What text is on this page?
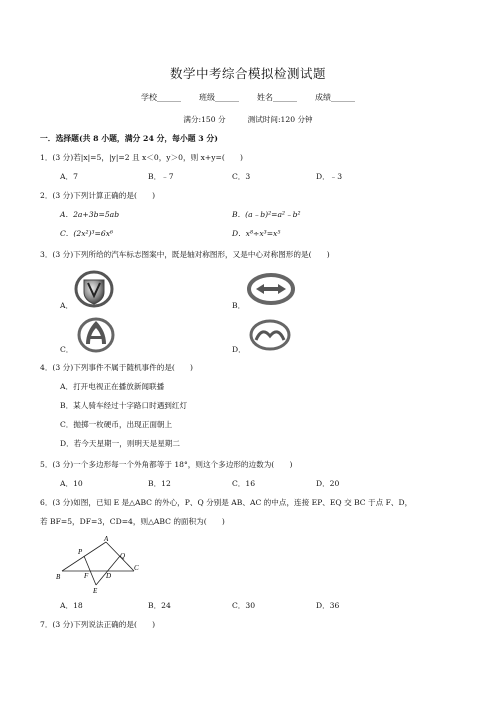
数学中考综合模拟检测试题
学校______ 班级______ 姓名______ 成绩______
满分:150 分	测试时间:120 分钟
一．选择题(共 8 小题，满分 24 分，每小题 3 分)
1．(3 分)若|x|=5，|y|=2 且 x＜0，y＞0，则 x+y=(　　)
A．7	B．﹣7	C．3	D．﹣3
2．(3 分)下列计算正确的是(　　)
A．2a+3b=5ab	B．(a﹣b)²=a²﹣b²
C．(2x²)³=6x⁶	D．x⁸÷x³=x⁵
3．(3 分)下列所给的汽车标志图案中，既是轴对称图形，又是中心对称图形的是(　　)
A．	B．
C．	D．
4．(3 分)下列事件不属于随机事件的是(　　)
A．打开电视正在播放新闻联播
B．某人骑车经过十字路口时遇到红灯
C．抛掷一枚硬币，出现正面朝上
D．若今天星期一，则明天是星期二
5．(3 分)一个多边形每一个外角都等于 18°，则这个多边形的边数为(　　)
A．10	B．12	C．16	D．20
6．(3 分)如图，已知 E 是△ABC 的外心，P、Q 分别是 AB、AC 的中点，连接 EP、EQ 交 BC 于点 F、D，
若 BF=5，DF=3，CD=4，则△ABC 的面积为(　　)
A
P	Q
B	F	D
C
E
A．18	B．24	C．30	D．36
7．(3 分)下列说法正确的是(　　)
